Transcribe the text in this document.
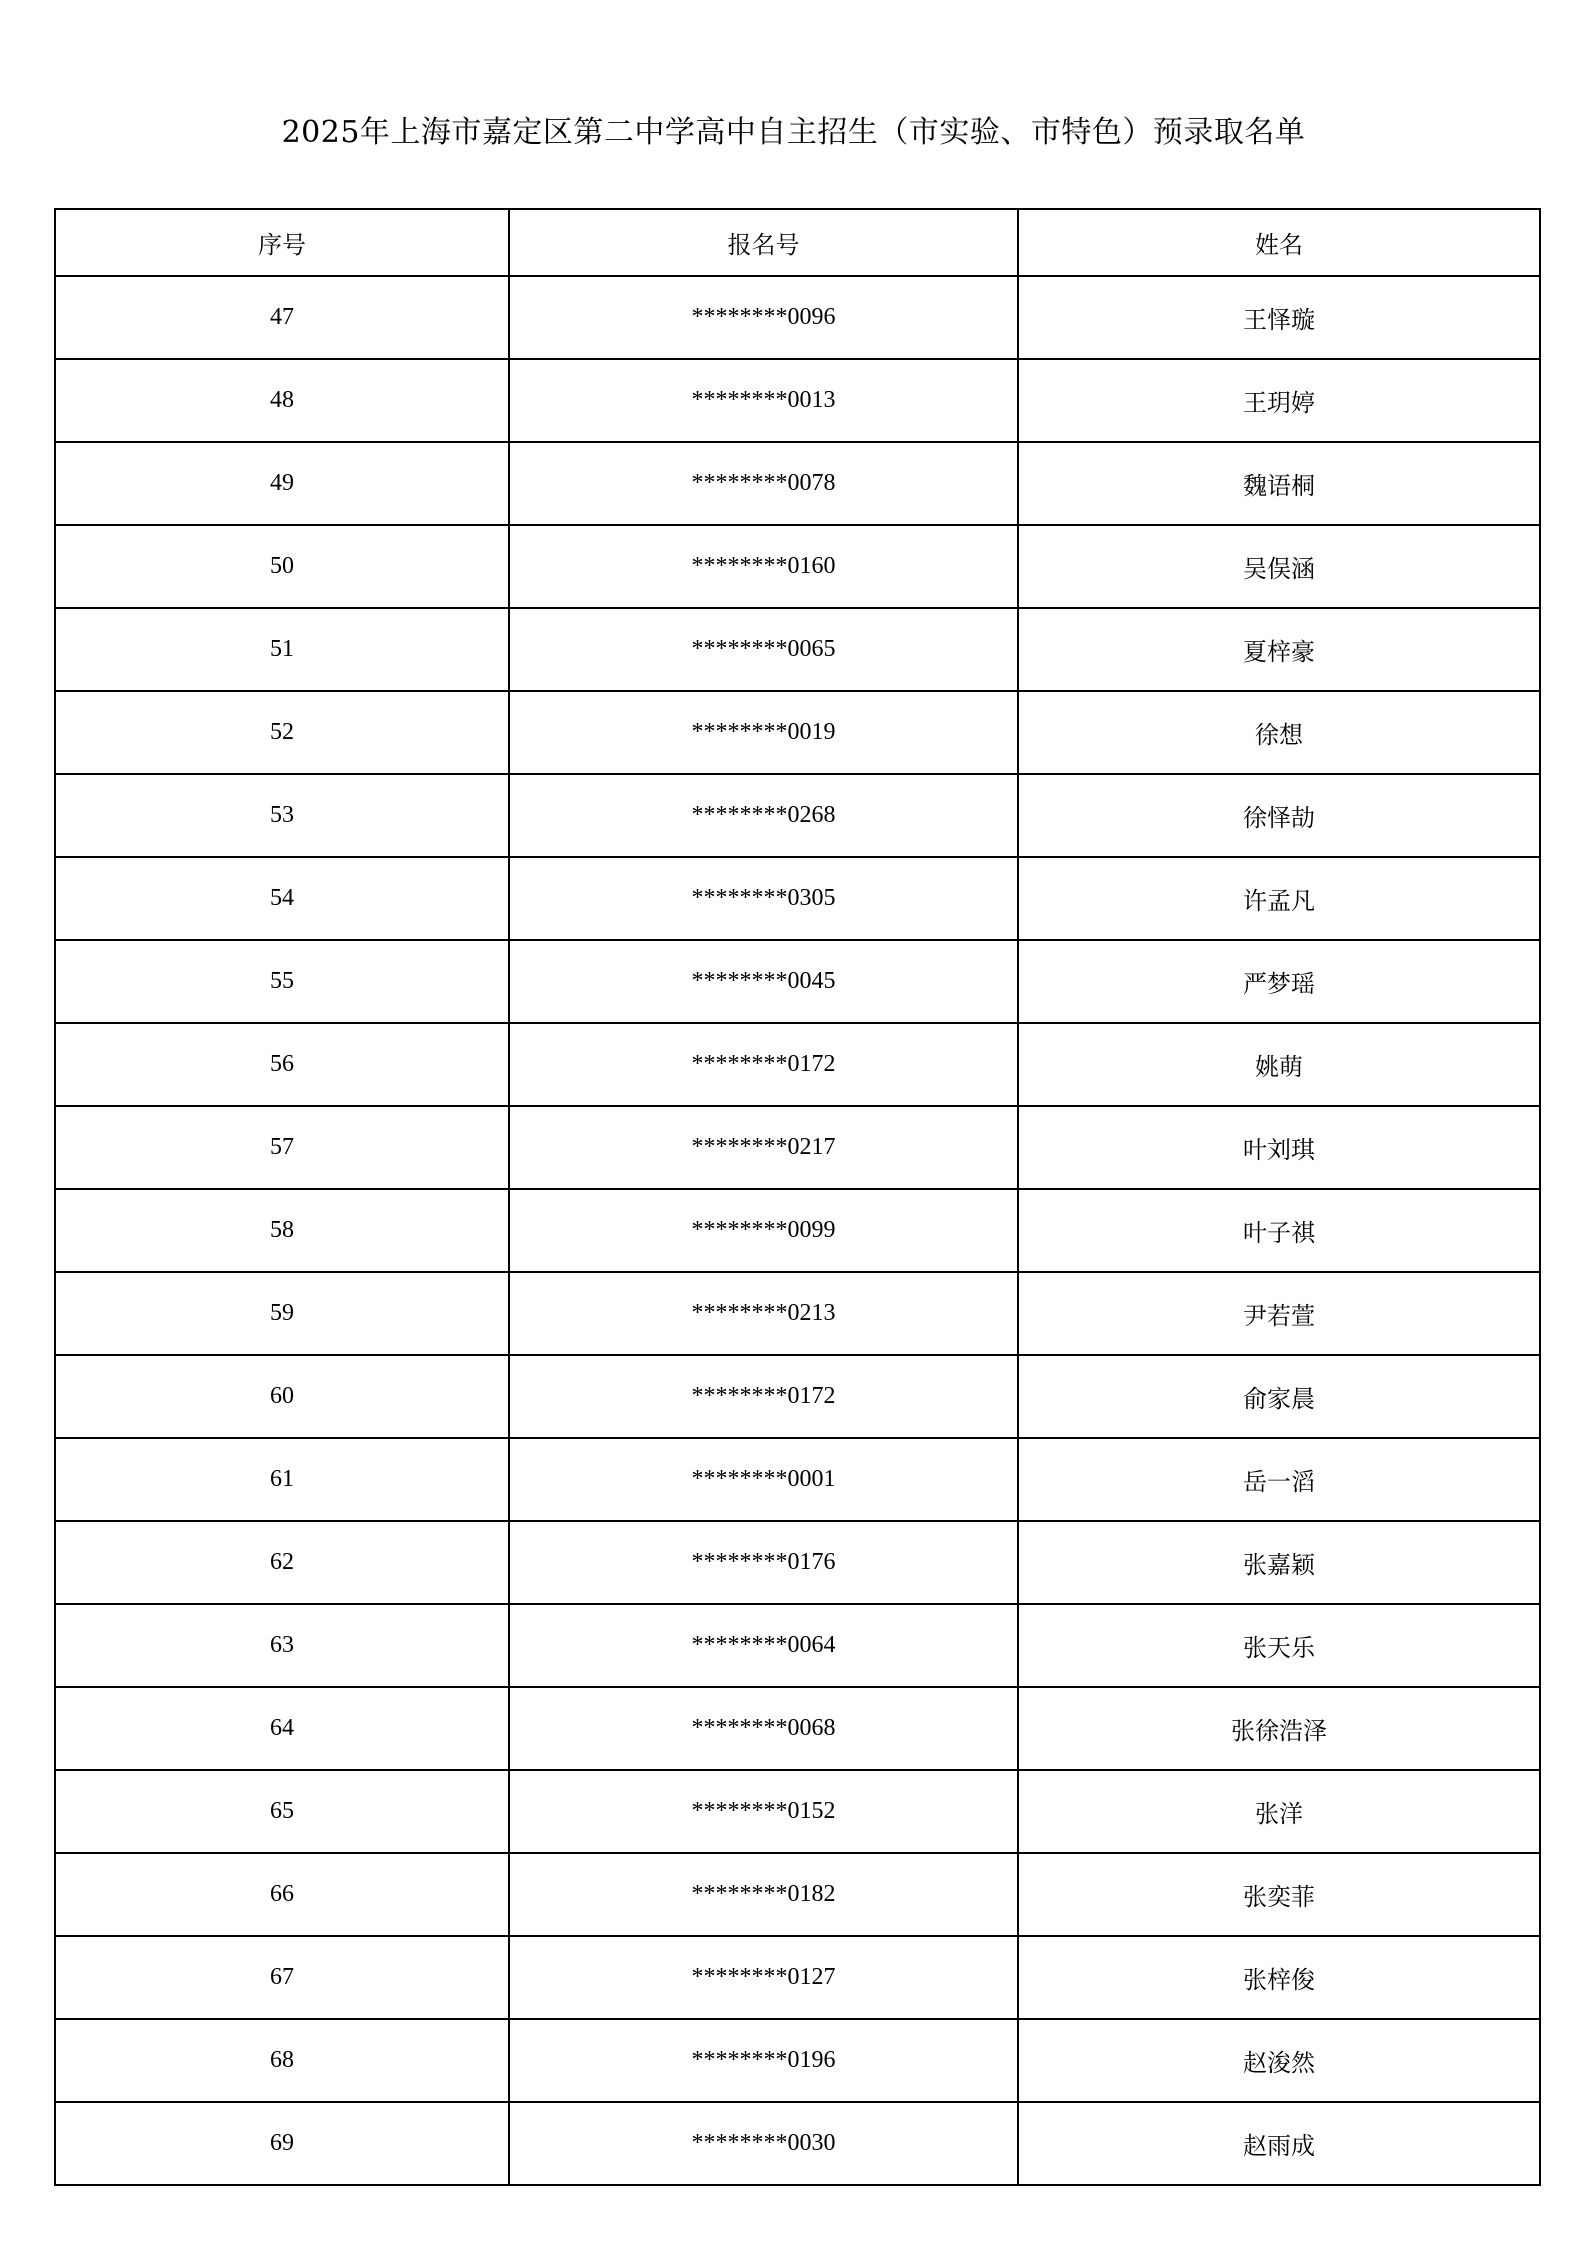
2025年上海市嘉定区第二中学高中自主招生（市实验、市特色）预录取名单
序号	报名号	姓名
47	********0096	王怿璇
48	********0013	王玥婷
49	********0078	魏语桐
50	********0160	吴俣涵
51	********0065	夏梓豪
52	********0019	徐想
53	********0268	徐怿劼
54	********0305	许孟凡
55	********0045	严梦瑶
56	********0172	姚萌
57	********0217	叶刘琪
58	********0099	叶子祺
59	********0213	尹若萱
60	********0172	俞家晨
61	********0001	岳一滔
62	********0176	张嘉颖
63	********0064	张天乐
64	********0068	张徐浩泽
65	********0152	张洋
66	********0182	张奕菲
67	********0127	张梓俊
68	********0196	赵浚然
69	********0030	赵雨成
